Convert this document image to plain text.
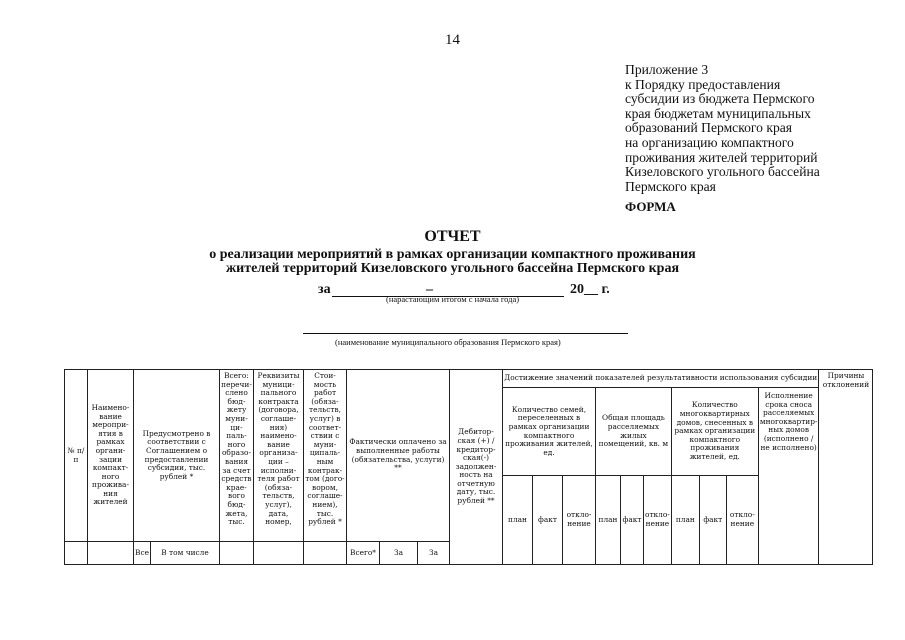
14
Приложение 3
к Порядку предоставления
субсидии из бюджета Пермского
края бюджетам муниципальных
образований Пермского края
на организацию компактного
проживания жителей территорий
Кизеловского угольного бассейна
Пермского края
ФОРМА
ОТЧЕТ
о реализации мероприятий в рамках организации компактного проживания
жителей территорий Кизеловского угольного бассейна Пермского края
за	–	20__ г.
(нарастающим итогом с начала года)
(наименование муниципального образования Пермского края)
№ п/п	Наимено-вание меропри-ятия в рамках органи-зации компакт-ного прожива-ния жителей	Предусмотрено в соответствии с Соглашением о предоставлении субсидии, тыс. рублей *		Всего: перечи-слено бюд-жету муни-ци-паль-ного образо-вания за счет средств крае-вого бюд-жета, тыс.	Реквизиты муници-пального контракта (договора, соглаше-ния) наимено-вание организа-ции – исполни-теля работ (обяза-тельств, услуг), дата, номер,	Стои-мость работ (обяза-тельств, услуг) в соответ-ствии с муни-ципаль-ным контрак-том (дого-вором, соглаше-нием), тыс. рублей *	Фактически оплачено за выполненные работы (обязательства, услуги) **			Дебитор-ская (+) / кредитор-ская(-) задолжен-ность на отчетную дату, тыс. рублей **	Достижение значений показателей результативности использования субсидии										Причины отклонений
											Количество семей, переселенных в рамках организации компактного проживания жителей, ед.			Общая площадь расселяемых жилых помещений, кв. м			Количество многоквартирных домов, снесенных в рамках организации компактного проживания жителей, ед.			Исполнение срока сноса расселяемых многоквартир-ных домов (исполнено / не исполнено)	
											план	факт	откло-нение	план	факт	откло-нение	план	факт	откло-нение		
		Все	В том числе				Всего*	За	За												
